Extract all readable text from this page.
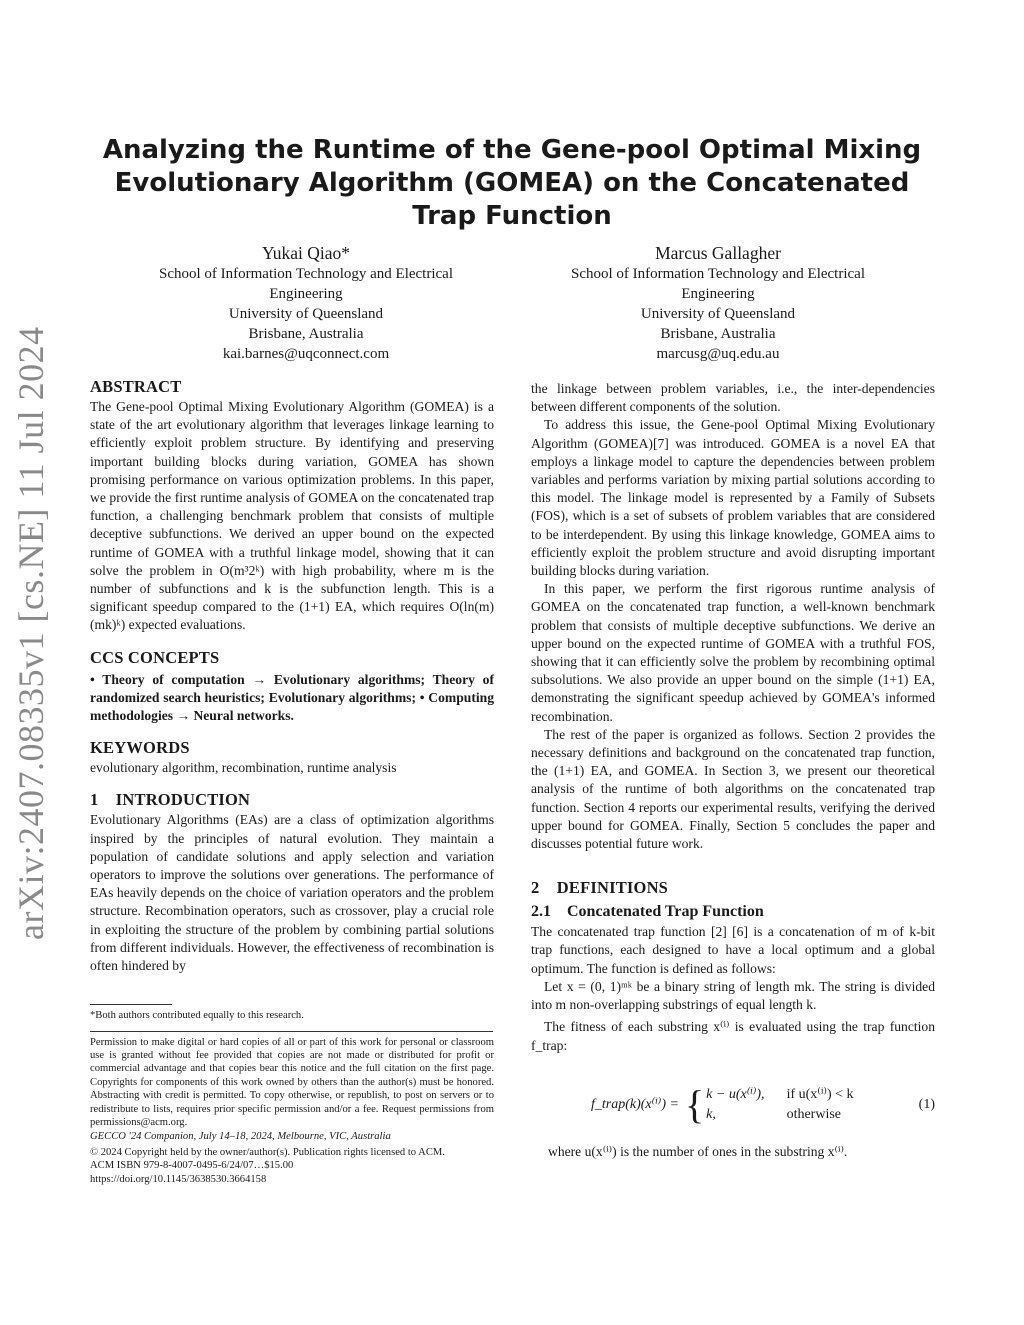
arXiv:2407.08335v1 [cs.NE] 11 Jul 2024
Analyzing the Runtime of the Gene-pool Optimal Mixing Evolutionary Algorithm (GOMEA) on the Concatenated Trap Function
Yukai Qiao*
School of Information Technology and Electrical
Engineering
University of Queensland
Brisbane, Australia
kai.barnes@uqconnect.com
Marcus Gallagher
School of Information Technology and Electrical
Engineering
University of Queensland
Brisbane, Australia
marcusg@uq.edu.au
ABSTRACT

The Gene-pool Optimal Mixing Evolutionary Algorithm (GOMEA) is a state of the art evolutionary algorithm that leverages linkage learning to efficiently exploit problem structure. By identifying and preserving important building blocks during variation, GOMEA has shown promising performance on various optimization problems. In this paper, we provide the first runtime analysis of GOMEA on the concatenated trap function, a challenging benchmark problem that consists of multiple deceptive subfunctions. We derived an upper bound on the expected runtime of GOMEA with a truthful linkage model, showing that it can solve the problem in O(m³2ᵏ) with high probability, where m is the number of subfunctions and k is the subfunction length. This is a significant speedup compared to the (1+1) EA, which requires O(ln(m)(mk)ᵏ) expected evaluations.

CCS CONCEPTS

• Theory of computation → Evolutionary algorithms; Theory of randomized search heuristics; Evolutionary algorithms; • Computing methodologies → Neural networks.

KEYWORDS

evolutionary algorithm, recombination, runtime analysis

1    INTRODUCTION

Evolutionary Algorithms (EAs) are a class of optimization algorithms inspired by the principles of natural evolution. They maintain a population of candidate solutions and apply selection and variation operators to improve the solutions over generations. The performance of EAs heavily depends on the choice of variation operators and the problem structure. Recombination operators, such as crossover, play a crucial role in exploiting the structure of the problem by combining partial solutions from different individuals. However, the effectiveness of recombination is often hindered by

*Both authors contributed equally to this research.
Permission to make digital or hard copies of all or part of this work for personal or classroom use is granted without fee provided that copies are not made or distributed for profit or commercial advantage and that copies bear this notice and the full citation on the first page. Copyrights for components of this work owned by others than the author(s) must be honored. Abstracting with credit is permitted. To copy otherwise, or republish, to post on servers or to redistribute to lists, requires prior specific permission and/or a fee. Request permissions from permissions@acm.org.
GECCO '24 Companion, July 14–18, 2024, Melbourne, VIC, Australia
© 2024 Copyright held by the owner/author(s). Publication rights licensed to ACM.
ACM ISBN 979-8-4007-0495-6/24/07…$15.00
https://doi.org/10.1145/3638530.3664158

the linkage between problem variables, i.e., the inter-dependencies between different components of the solution.

To address this issue, the Gene-pool Optimal Mixing Evolutionary Algorithm (GOMEA)[7] was introduced. GOMEA is a novel EA that employs a linkage model to capture the dependencies between problem variables and performs variation by mixing partial solutions according to this model. The linkage model is represented by a Family of Subsets (FOS), which is a set of subsets of problem variables that are considered to be interdependent. By using this linkage knowledge, GOMEA aims to efficiently exploit the problem structure and avoid disrupting important building blocks during variation.

In this paper, we perform the first rigorous runtime analysis of GOMEA on the concatenated trap function, a well-known benchmark problem that consists of multiple deceptive subfunctions. We derive an upper bound on the expected runtime of GOMEA with a truthful FOS, showing that it can efficiently solve the problem by recombining optimal subsolutions. We also provide an upper bound on the simple (1+1) EA, demonstrating the significant speedup achieved by GOMEA's informed recombination.

The rest of the paper is organized as follows. Section 2 provides the necessary definitions and background on the concatenated trap function, the (1+1) EA, and GOMEA. In Section 3, we present our theoretical analysis of the runtime of both algorithms on the concatenated trap function. Section 4 reports our experimental results, verifying the derived upper bound for GOMEA. Finally, Section 5 concludes the paper and discusses potential future work.

2    DEFINITIONS
2.1    Concatenated Trap Function

The concatenated trap function [2] [6] is a concatenation of m of k-bit trap functions, each designed to have a local optimum and a global optimum. The function is defined as follows:

Let x = (0, 1)ᵐᵏ be a binary string of length mk. The string is divided into m non-overlapping substrings of equal length k.

The fitness of each substring x⁽ⁱ⁾ is evaluated using the trap function f_trap:

f_trap(k)(x⁽ⁱ⁾) = { k − u(x⁽ⁱ⁾), if u(x⁽ⁱ⁾) < k
k,	otherwise
(1)

where u(x⁽ⁱ⁾) is the number of ones in the substring x⁽ⁱ⁾.
